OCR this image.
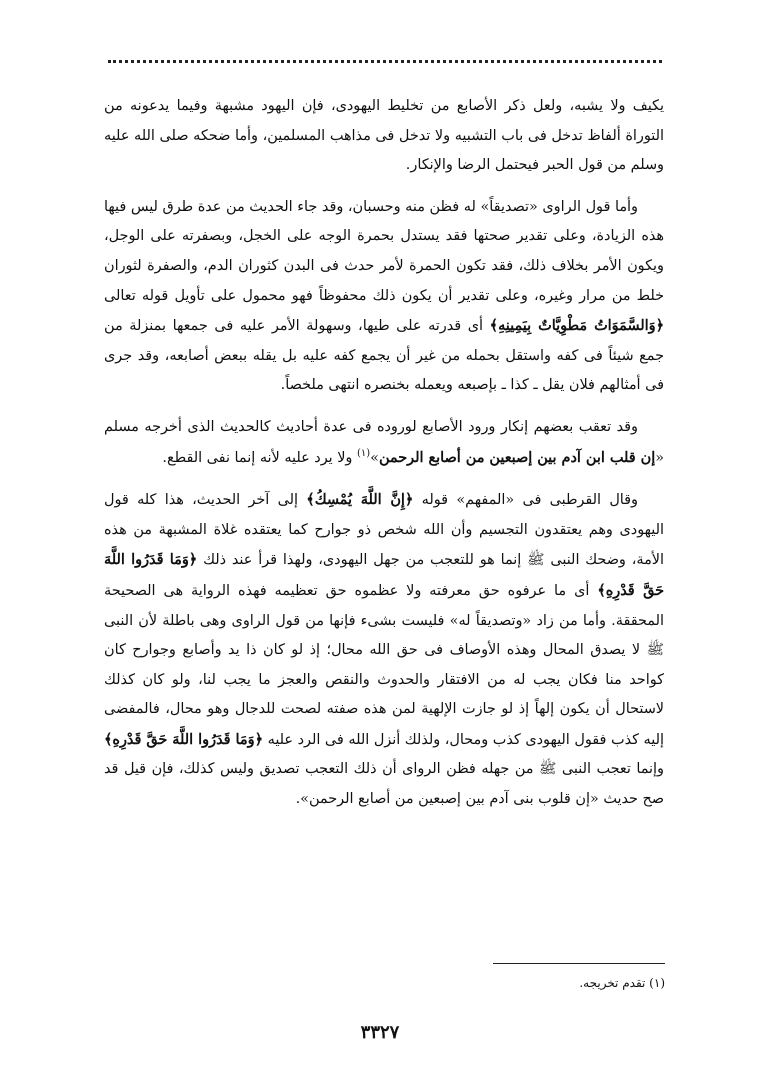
يكيف ولا يشبه، ولعل ذكر الأصابع من تخليط اليهودى، فإن اليهود مشبهة وفيما يدعونه من التوراة ألفاظ تدخل فى باب التشبيه ولا تدخل فى مذاهب المسلمين، وأما ضحكه صلى الله عليه وسلم من قول الحبر فيحتمل الرضا والإنكار.

وأما قول الراوى «تصديقاً» له فظن منه وحسبان، وقد جاء الحديث من عدة طرق ليس فيها هذه الزيادة، وعلى تقدير صحتها فقد يستدل بحمرة الوجه على الخجل، وبصفرته على الوجل، ويكون الأمر بخلاف ذلك، فقد تكون الحمرة لأمر حدث فى البدن كثوران الدم، والصفرة لثوران خلط من مرار وغيره، وعلى تقدير أن يكون ذلك محفوظاً فهو محمول على تأويل قوله تعالى ﴿وَالسَّمَوَاتُ مَطْوِيَّاتٌ بِيَمِينِهِ﴾ أى قدرته على طيها، وسهولة الأمر عليه فى جمعها بمنزلة من جمع شيئاً فى كفه واستقل بحمله من غير أن يجمع كفه عليه بل يقله ببعض أصابعه، وقد جرى فى أمثالهم فلان يقل ـ كذا ـ بإصبعه ويعمله بخنصره انتهى ملخصاً.

وقد تعقب بعضهم إنكار ورود الأصابع لوروده فى عدة أحاديث كالحديث الذى أخرجه مسلم «إن قلب ابن آدم بين إصبعين من أصابع الرحمن»$^{(١)}$ ولا يرد عليه لأنه إنما نفى القطع.

وقال القرطبى فى «المفهم» قوله ﴿إِنَّ اللَّهَ يُمْسِكُ﴾ إلى آخر الحديث، هذا كله قول اليهودى وهم يعتقدون التجسيم وأن الله شخص ذو جوارح كما يعتقده غلاة المشبهة من هذه الأمة، وضحك النبى ﷺ إنما هو للتعجب من جهل اليهودى، ولهذا قرأ عند ذلك ﴿وَمَا قَدَرُوا اللَّهَ حَقَّ قَدْرِهِ﴾ أى ما عرفوه حق معرفته ولا عظموه حق تعظيمه فهذه الرواية هى الصحيحة المحققة. وأما من زاد «وتصديقاً له» فليست بشىء فإنها من قول الراوى وهى باطلة لأن النبى ﷺ لا يصدق المحال وهذه الأوصاف فى حق الله محال؛ إذ لو كان ذا يد وأصابع وجوارح كان كواحد منا فكان يجب له من الافتقار والحدوث والنقص والعجز ما يجب لنا، ولو كان كذلك لاستحال أن يكون إلهاً إذ لو جازت الإلهية لمن هذه صفته لصحت للدجال وهو محال، فالمفضى إليه كذب فقول اليهودى كذب ومحال، ولذلك أنزل الله فى الرد عليه ﴿وَمَا قَدَرُوا اللَّهَ حَقَّ قَدْرِهِ﴾ وإنما تعجب النبى ﷺ من جهله فظن الرواى أن ذلك التعجب تصديق وليس كذلك، فإن قيل قد صح حديث «إن قلوب بنى آدم بين إصبعين من أصابع الرحمن».

(١) تقدم تخريجه.
٣٣٢٧
